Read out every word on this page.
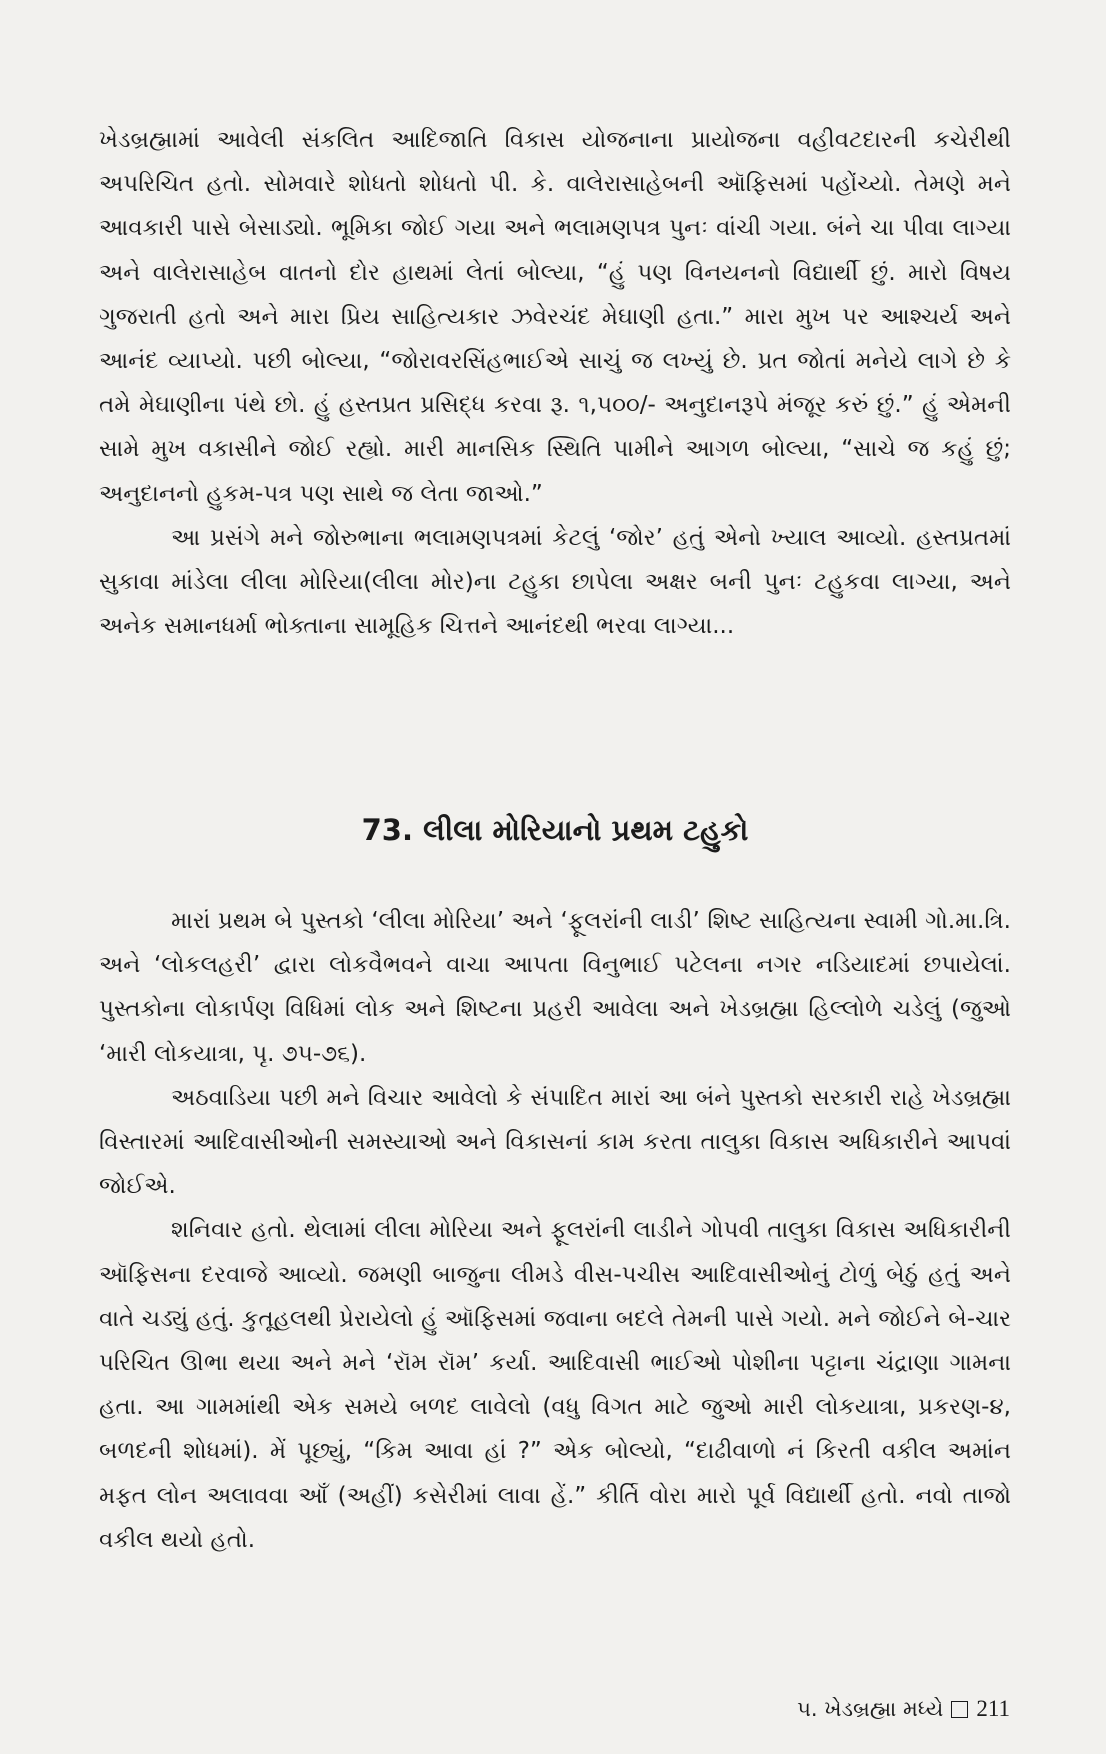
ખેડબ્રહ્મામાં આવેલી સંકલિત આદિજાતિ વિકાસ યોજનાના પ્રાયોજના વહીવટદારની કચેરીથી અપરિચિત હતો. સોમવારે શોધતો શોધતો પી. કે. વાલેરાસાહેબની ઑફિસમાં પહોંચ્યો. તેમણે મને આવકારી પાસે બેસાડ્યો. ભૂમિકા જોઈ ગયા અને ભલામણપત્ર પુનઃ વાંચી ગયા. બંને ચા પીવા લાગ્યા અને વાલેરાસાહેબ વાતનો દોર હાથમાં લેતાં બોલ્યા, “હું પણ વિનયનનો વિદ્યાર્થી છું. મારો વિષય ગુજરાતી હતો અને મારા પ્રિય સાહિત્યકાર ઝવેરચંદ મેઘાણી હતા.” મારા મુખ પર આશ્ચર્ય અને આનંદ વ્યાપ્યો. પછી બોલ્યા, “જોરાવરસિંહભાઈએ સાચું જ લખ્યું છે. પ્રત જોતાં મનેયે લાગે છે કે તમે મેઘાણીના પંથે છો. હું હસ્તપ્રત પ્રસિદ્ધ કરવા રૂ. ૧,૫૦૦/- અનુદાનરૂપે મંજૂર કરું છું.” હું એમની સામે મુખ વકાસીને જોઈ રહ્યો. મારી માનસિક સ્થિતિ પામીને આગળ બોલ્યા, “સાચે જ કહું છું; અનુદાનનો હુકમ-પત્ર પણ સાથે જ લેતા જાઓ.”

આ પ્રસંગે મને જોરુભાના ભલામણપત્રમાં કેટલું ‘જોર’ હતું એનો ખ્યાલ આવ્યો. હસ્તપ્રતમાં સુકાવા માંડેલા લીલા મોરિયા(લીલા મોર)ના ટહુકા છાપેલા અક્ષર બની પુનઃ ટહુકવા લાગ્યા, અને અનેક સમાનધર્મા ભોક્તાના સામૂહિક ચિત્તને આનંદથી ભરવા લાગ્યા...

73. લીલા મોરિયાનો પ્રથમ ટહુકો

મારાં પ્રથમ બે પુસ્તકો ‘લીલા મોરિયા’ અને ‘ફૂલરાંની લાડી’ શિષ્ટ સાહિત્યના સ્વામી ગો.મા.ત્રિ. અને ‘લોકલહરી’ દ્વારા લોકવૈભવને વાચા આપતા વિનુભાઈ પટેલના નગર નડિયાદમાં છપાયેલાં. પુસ્તકોના લોકાર્પણ વિધિમાં લોક અને શિષ્ટના પ્રહરી આવેલા અને ખેડબ્રહ્મા હિલ્લોળે ચડેલું (જુઓ ‘મારી લોકયાત્રા, પૃ. ૭૫-૭૬).

અઠવાડિયા પછી મને વિચાર આવેલો કે સંપાદિત મારાં આ બંને પુસ્તકો સરકારી રાહે ખેડબ્રહ્મા વિસ્તારમાં આદિવાસીઓની સમસ્યાઓ અને વિકાસનાં કામ કરતા તાલુકા વિકાસ અધિકારીને આપવાં જોઈએ.

શનિવાર હતો. થેલામાં લીલા મોરિયા અને ફૂલરાંની લાડીને ગોપવી તાલુકા વિકાસ અધિકારીની ઑફિસના દરવાજે આવ્યો. જમણી બાજુના લીમડે વીસ-પચીસ આદિવાસીઓનું ટોળું બેઠું હતું અને વાતે ચડ્યું હતું. કુતૂહલથી પ્રેરાયેલો હું ઑફિસમાં જવાના બદલે તેમની પાસે ગયો. મને જોઈને બે-ચાર પરિચિત ઊભા થયા અને મને ‘રૉમ રૉમ’ કર્યા. આદિવાસી ભાઈઓ પોશીના પટ્ટાના ચંદ્રાણા ગામના હતા. આ ગામમાંથી એક સમયે બળદ લાવેલો (વધુ વિગત માટે જુઓ મારી લોકયાત્રા, પ્રકરણ-૪, બળદની શોધમાં). મેં પૂછ્યું, “કિમ આવા હાં ?” એક બોલ્યો, “દાઢીવાળો નં કિરતી વકીલ અમાંન મફત લોન અલાવવા આઁ (અહીં) કસેરીમાં લાવા હેં.” કીર્તિ વોરા મારો પૂર્વ વિદ્યાર્થી હતો. નવો તાજો વકીલ થયો હતો.

૫. ખેડબ્રહ્મા મધ્યે 211
